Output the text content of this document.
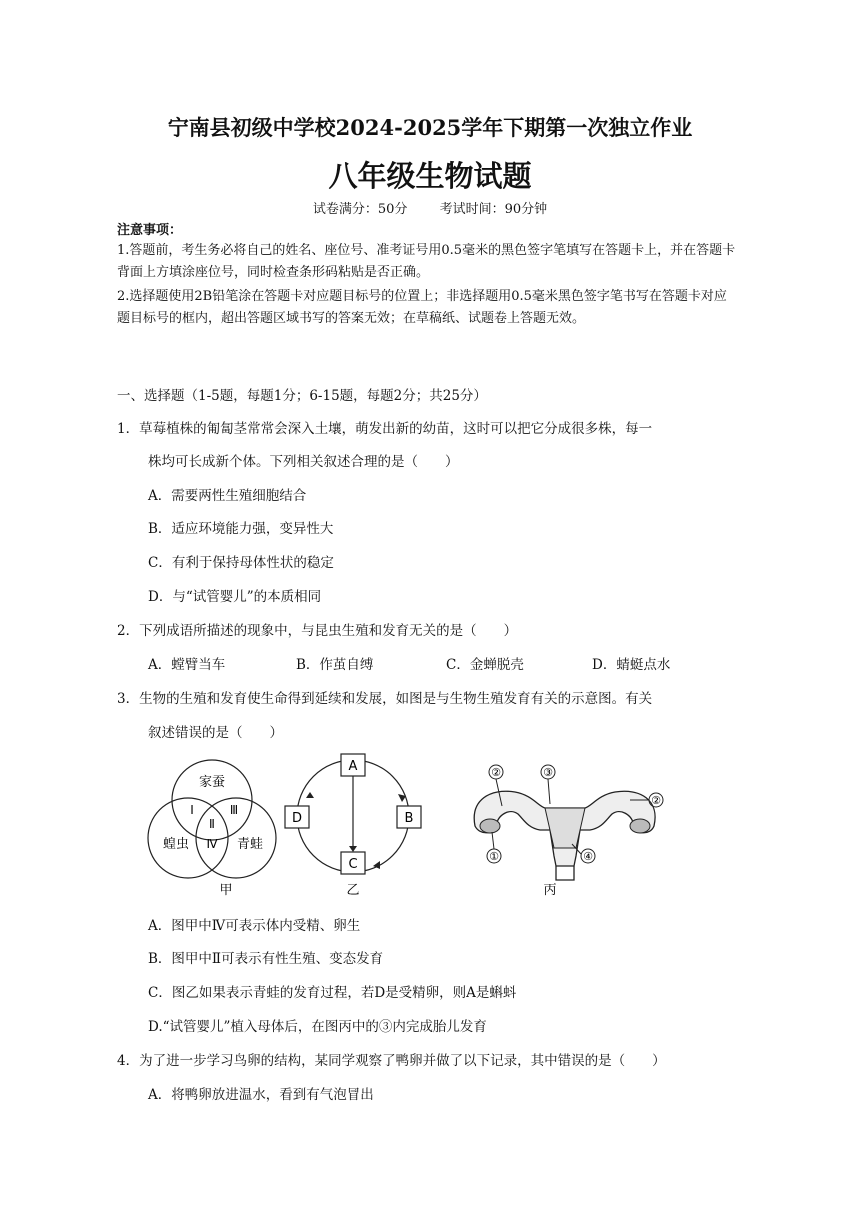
宁南县初级中学校2024-2025学年下期第一次独立作业
八年级生物试题
试卷满分：50分 考试时间：90分钟
注意事项：
1.答题前，考生务必将自己的姓名、座位号、准考证号用0.5毫米的黑色签字笔填写在答题卡上，并在答题卡背面上方填涂座位号，同时检查条形码粘贴是否正确。
2.选择题使用2B铅笔涂在答题卡对应题目标号的位置上；非选择题用0.5毫米黑色签字笔书写在答题卡对应题目标号的框内，超出答题区域书写的答案无效；在草稿纸、试题卷上答题无效。
一、选择题（1-5题，每题1分；6-15题，每题2分；共25分）
1．草莓植株的匍匐茎常常会深入土壤，萌发出新的幼苗，这时可以把它分成很多株，每一
株均可长成新个体。下列相关叙述合理的是（　　）
A．需要两性生殖细胞结合
B．适应环境能力强，变异性大
C．有利于保持母体性状的稳定
D．与“试管婴儿”的本质相同
2．下列成语所描述的现象中，与昆虫生殖和发育无关的是（　　）
A．螳臂当车	B．作茧自缚	C．金蝉脱壳	D．蜻蜓点水
3．生物的生殖和发育使生命得到延续和发展，如图是与生物生殖发育有关的示意图。有关
叙述错误的是（　　）
家蚕
蝗虫	青蛙
Ⅰ
Ⅱ
Ⅲ
Ⅳ
甲
A
B
C
D
乙
②	③
②
①	④
丙
A．图甲中Ⅳ可表示体内受精、卵生
B．图甲中Ⅱ可表示有性生殖、变态发育
C．图乙如果表示青蛙的发育过程，若D是受精卵，则A是蝌蚪
D.“试管婴儿”植入母体后，在图丙中的③内完成胎儿发育
4．为了进一步学习鸟卵的结构，某同学观察了鸭卵并做了以下记录，其中错误的是（　　）
A．将鸭卵放进温水，看到有气泡冒出
